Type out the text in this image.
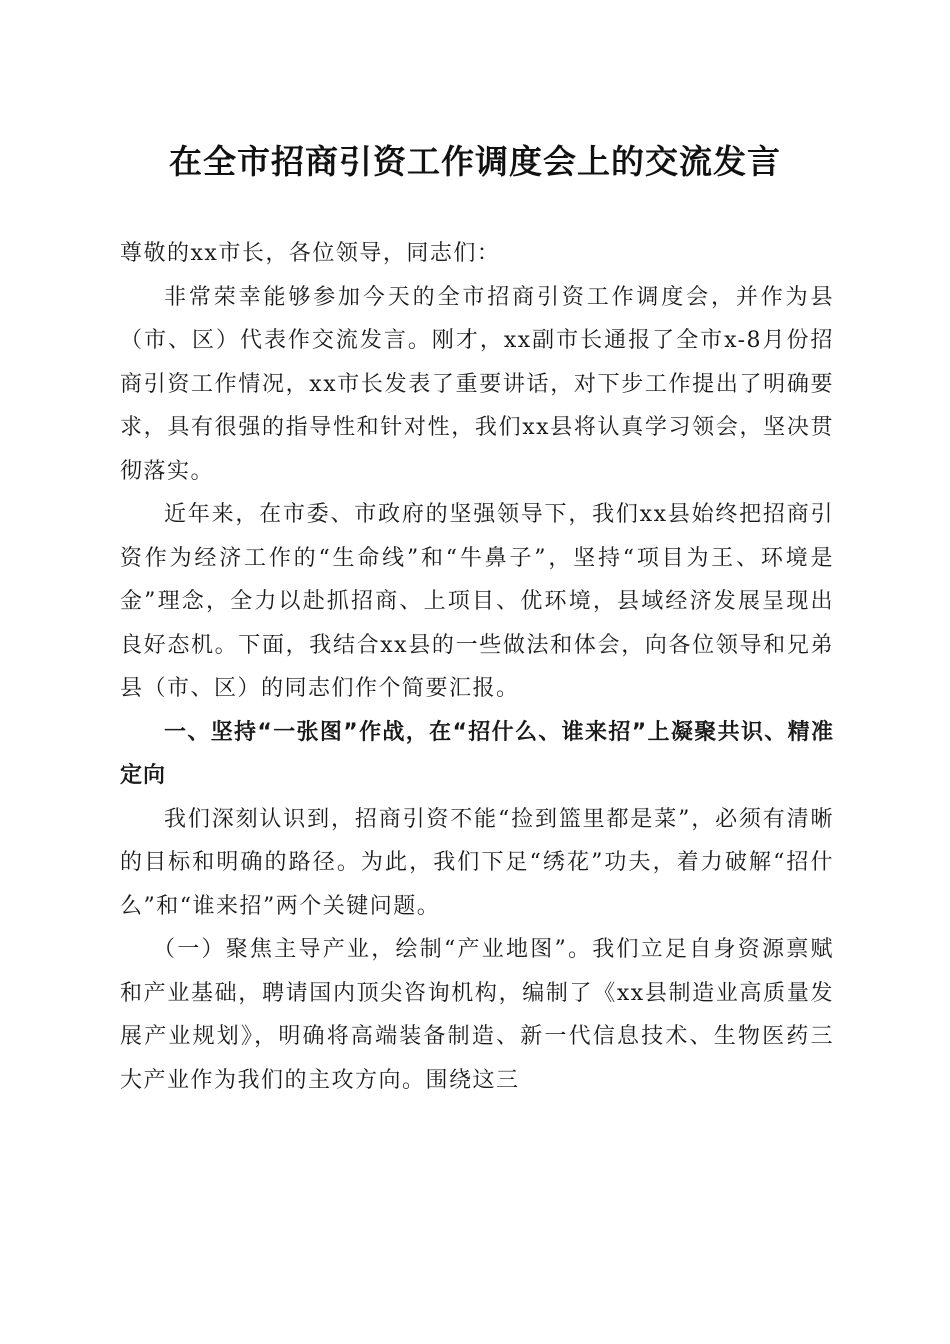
在全市招商引资工作调度会上的交流发言

尊敬的xx市长，各位领导，同志们：

非常荣幸能够参加今天的全市招商引资工作调度会，并作为县（市、区）代表作交流发言。刚才，xx副市长通报了全市x-8月份招商引资工作情况，xx市长发表了重要讲话，对下步工作提出了明确要求，具有很强的指导性和针对性，我们xx县将认真学习领会，坚决贯彻落实。

近年来，在市委、市政府的坚强领导下，我们xx县始终把招商引资作为经济工作的“生命线”和“牛鼻子”，坚持“项目为王、环境是金”理念，全力以赴抓招商、上项目、优环境，县域经济发展呈现出良好态机。下面，我结合xx县的一些做法和体会，向各位领导和兄弟县（市、区）的同志们作个简要汇报。

一、坚持“一张图”作战，在“招什么、谁来招”上凝聚共识、精准定向

我们深刻认识到，招商引资不能“捡到篮里都是菜”，必须有清晰的目标和明确的路径。为此，我们下足“绣花”功夫，着力破解“招什么”和“谁来招”两个关键问题。

（一）聚焦主导产业，绘制“产业地图”。我们立足自身资源禀赋和产业基础，聘请国内顶尖咨询机构，编制了《xx县制造业高质量发展产业规划》，明确将高端装备制造、新一代信息技术、生物医药三大产业作为我们的主攻方向。围绕这三
